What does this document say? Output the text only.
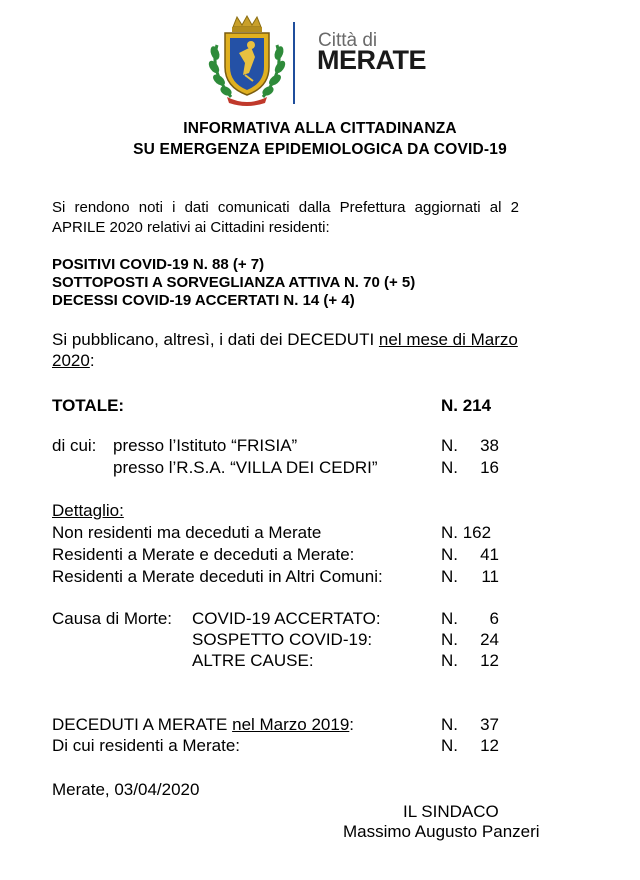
Città di
MERATE
INFORMATIVA ALLA CITTADINANZA
SU EMERGENZA EPIDEMIOLOGICA DA COVID-19
Si rendono noti i dati comunicati dalla Prefettura aggiornati al 2
APRILE 2020 relativi ai Cittadini residenti:
POSITIVI COVID-19 N. 88 (+ 7)
SOTTOPOSTI A SORVEGLIANZA ATTIVA N. 70 (+ 5)
DECESSI COVID-19 ACCERTATI N. 14 (+ 4)
Si pubblicano, altresì, i dati dei DECEDUTI nel mese di Marzo
2020:
TOTALE:	N. 214
di cui: presso l’Istituto “FRISIA”	N. 38
presso l’R.S.A. “VILLA DEI CEDRI”	N. 16
Dettaglio:
Non residenti ma deceduti a Merate	N. 162
Residenti a Merate e deceduti a Merate:	N. 41
Residenti a Merate deceduti in Altri Comuni:	N. 11
Causa di Morte: COVID-19 ACCERTATO:	N. 6
SOSPETTO COVID-19:	N. 24
ALTRE CAUSE:	N. 12
DECEDUTI A MERATE nel Marzo 2019:	N. 37
Di cui residenti a Merate:	N. 12
Merate, 03/04/2020
IL SINDACO
Massimo Augusto Panzeri
